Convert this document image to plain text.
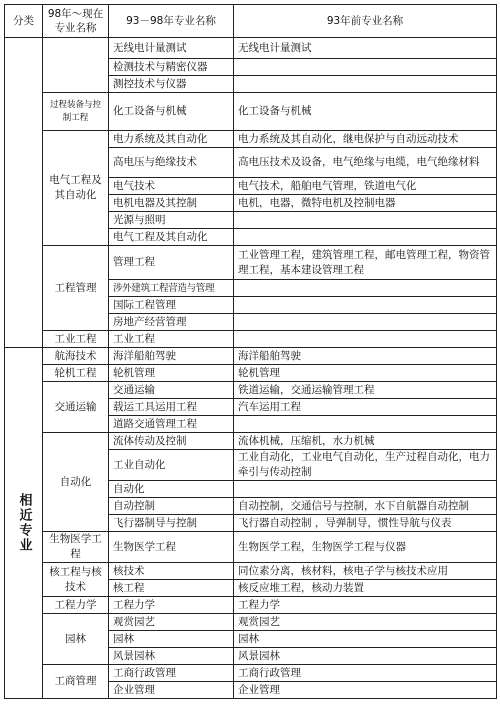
分类	98年～现在专业名称	93－98年专业名称	93年前专业名称
		无线电计量测试	无线电计量测试
		检测技术与精密仪器	
		测控技术与仪器	
	过程装备与控制工程	化工设备与机械	化工设备与机械
	电气工程及其自动化	电力系统及其自动化	电力系统及其自动化，继电保护与自动远动技术
		高电压与绝缘技术	高电压技术及设备，电气绝缘与电缆，电气绝缘材料
		电气技术	电气技术，船舶电气管理，铁道电气化
		电机电器及其控制	电机，电器，微特电机及控制电器
		光源与照明	
		电气工程及其自动化	
	工程管理	管理工程	工业管理工程，建筑管理工程，邮电管理工程，物资管理工程，基本建设管理工程
		涉外建筑工程营造与管理	
		国际工程管理	
		房地产经营管理	
	工业工程	工业工程	
相近专业	航海技术	海洋船舶驾驶	海洋船舶驾驶
	轮机工程	轮机管理	轮机管理
	交通运输	交通运输	铁道运输，交通运输管理工程
		载运工具运用工程	汽车运用工程
		道路交通管理工程	
	自动化	流体传动及控制	流体机械，压缩机，水力机械
		工业自动化	工业自动化，工业电气自动化，生产过程自动化，电力牵引与传动控制
		自动化	
		自动控制	自动控制，交通信号与控制，水下自航器自动控制
		飞行器制导与控制	飞行器自动控制 ，导弹制导，惯性导航与仪表
	生物医学工程	生物医学工程	生物医学工程，生物医学工程与仪器
	核工程与核技术	核技术	同位素分离，核材料，核电子学与核技术应用
		核工程	核反应堆工程，核动力装置
	工程力学	工程力学	工程力学
	园林	观赏园艺	观赏园艺
		园林	园林
		风景园林	风景园林
	工商管理	工商行政管理	工商行政管理
		企业管理	企业管理
